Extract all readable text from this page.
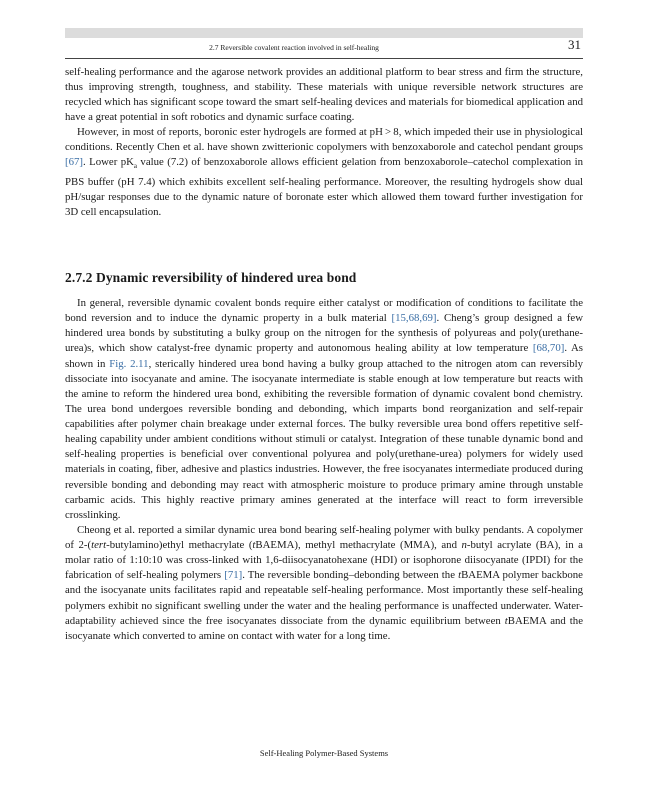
2.7 Reversible covalent reaction involved in self-healing	31

self-healing performance and the agarose network provides an additional platform to bear stress and firm the structure, thus improving strength, toughness, and stability. These materials with unique reversible network structures are recycled which has significant scope toward the smart self-healing devices and materials for biomedical application and have a great potential in soft robotics and dynamic surface coating.

However, in most of reports, boronic ester hydrogels are formed at pH > 8, which impeded their use in physiological conditions. Recently Chen et al. have shown zwitterionic copolymers with benzoxaborole and catechol pendant groups [67]. Lower $pK_a$ value (7.2) of benzoxaborole allows efficient gelation from benzoxaborole–catechol complexation in PBS buffer (pH 7.4) which exhibits excellent self-healing performance. Moreover, the resulting hydrogels show dual pH/sugar responses due to the dynamic nature of boronate ester which allowed them toward further investigation for 3D cell encapsulation.

2.7.2 Dynamic reversibility of hindered urea bond

In general, reversible dynamic covalent bonds require either catalyst or modification of conditions to facilitate the bond reversion and to induce the dynamic property in a bulk material [15,68,69]. Cheng’s group designed a few hindered urea bonds by substituting a bulky group on the nitrogen for the synthesis of polyureas and poly(urethane-urea)s, which show catalyst-free dynamic property and autonomous healing ability at low temperature [68,70]. As shown in Fig. 2.11, sterically hindered urea bond having a bulky group attached to the nitrogen atom can reversibly dissociate into isocyanate and amine. The isocyanate intermediate is stable enough at low temperature but reacts with the amine to reform the hindered urea bond, exhibiting the reversible formation of dynamic covalent bond chemistry. The urea bond undergoes reversible bonding and debonding, which imparts bond reorganization and self-repair capabilities after polymer chain breakage under external forces. The bulky reversible urea bond offers repetitive self-healing capability under ambient conditions without stimuli or catalyst. Integration of these tunable dynamic bond and self-healing properties is beneficial over conventional polyurea and poly(urethane-urea) polymers for widely used materials in coating, fiber, adhesive and plastics industries. However, the free isocyanates intermediate produced during reversible bonding and debonding may react with atmospheric moisture to produce primary amine through unstable carbamic acids. This highly reactive primary amines generated at the interface will react to form irreversible crosslinking.

Cheong et al. reported a similar dynamic urea bond bearing self-healing polymer with bulky pendants. A copolymer of 2-(tert-butylamino)ethyl methacrylate (tBAEMA), methyl methacrylate (MMA), and n-butyl acrylate (BA), in a molar ratio of 1:10:10 was cross-linked with 1,6-diisocyanatohexane (HDI) or isophorone diisocyanate (IPDI) for the fabrication of self-healing polymers [71]. The reversible bonding–debonding between the tBAEMA polymer backbone and the isocyanate units facilitates rapid and repeatable self-healing performance. Most importantly these self-healing polymers exhibit no significant swelling under the water and the healing performance is unaffected underwater. Water-adaptability achieved since the free isocyanates dissociate from the dynamic equilibrium between tBAEMA and the isocyanate which converted to amine on contact with water for a long time.

Self-Healing Polymer-Based Systems
